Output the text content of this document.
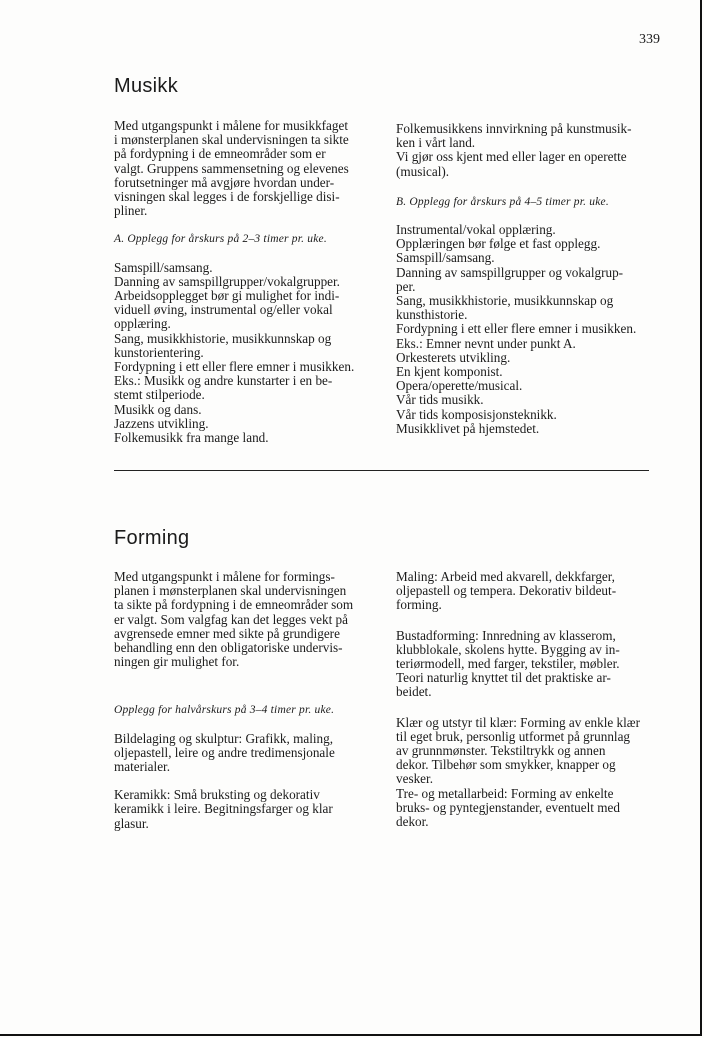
339
Musikk

Med utgangspunkt i målene for musikkfaget
i mønsterplanen skal undervisningen ta sikte
på fordypning i de emneområder som er
valgt. Gruppens sammensetning og elevenes
forutsetninger må avgjøre hvordan under-
visningen skal legges i de forskjellige disi-
pliner.

A. Opplegg for årskurs på 2–3 timer pr. uke.

Samspill/samsang.
Danning av samspillgrupper/vokalgrupper.
Arbeidsopplegget bør gi mulighet for indi-
viduell øving, instrumental og/eller vokal
opplæring.
Sang, musikkhistorie, musikkunnskap og
kunstorientering.
Fordypning i ett eller flere emner i musikken.
Eks.: Musikk og andre kunstarter i en be-
stemt stilperiode.
Musikk og dans.
Jazzens utvikling.
Folkemusikk fra mange land.

Folkemusikkens innvirkning på kunstmusik-
ken i vårt land.
Vi gjør oss kjent med eller lager en operette
(musical).

B. Opplegg for årskurs på 4–5 timer pr. uke.

Instrumental/vokal opplæring.
Opplæringen bør følge et fast opplegg.
Samspill/samsang.
Danning av samspillgrupper og vokalgrup-
per.
Sang, musikkhistorie, musikkunnskap og
kunsthistorie.
Fordypning i ett eller flere emner i musikken.
Eks.: Emner nevnt under punkt A.
Orkesterets utvikling.
En kjent komponist.
Opera/operette/musical.
Vår tids musikk.
Vår tids komposisjonsteknikk.
Musikklivet på hjemstedet.

Forming

Med utgangspunkt i målene for formings-
planen i mønsterplanen skal undervisningen
ta sikte på fordypning i de emneområder som
er valgt. Som valgfag kan det legges vekt på
avgrensede emner med sikte på grundigere
behandling enn den obligatoriske undervis-
ningen gir mulighet for.

Opplegg for halvårskurs på 3–4 timer pr. uke.

Bildelaging og skulptur: Grafikk, maling,
oljepastell, leire og andre tredimensjonale
materialer.

Keramikk: Små bruksting og dekorativ
keramikk i leire. Begitningsfarger og klar
glasur.

Maling: Arbeid med akvarell, dekkfarger,
oljepastell og tempera. Dekorativ bildeut-
forming.

Bustadforming: Innredning av klasserom,
klubblokale, skolens hytte. Bygging av in-
teriørmodell, med farger, tekstiler, møbler.
Teori naturlig knyttet til det praktiske ar-
beidet.

Klær og utstyr til klær: Forming av enkle klær
til eget bruk, personlig utformet på grunnlag
av grunnmønster. Tekstiltrykk og annen
dekor. Tilbehør som smykker, knapper og
vesker.

Tre- og metallarbeid: Forming av enkelte
bruks- og pyntegjenstander, eventuelt med
dekor.
